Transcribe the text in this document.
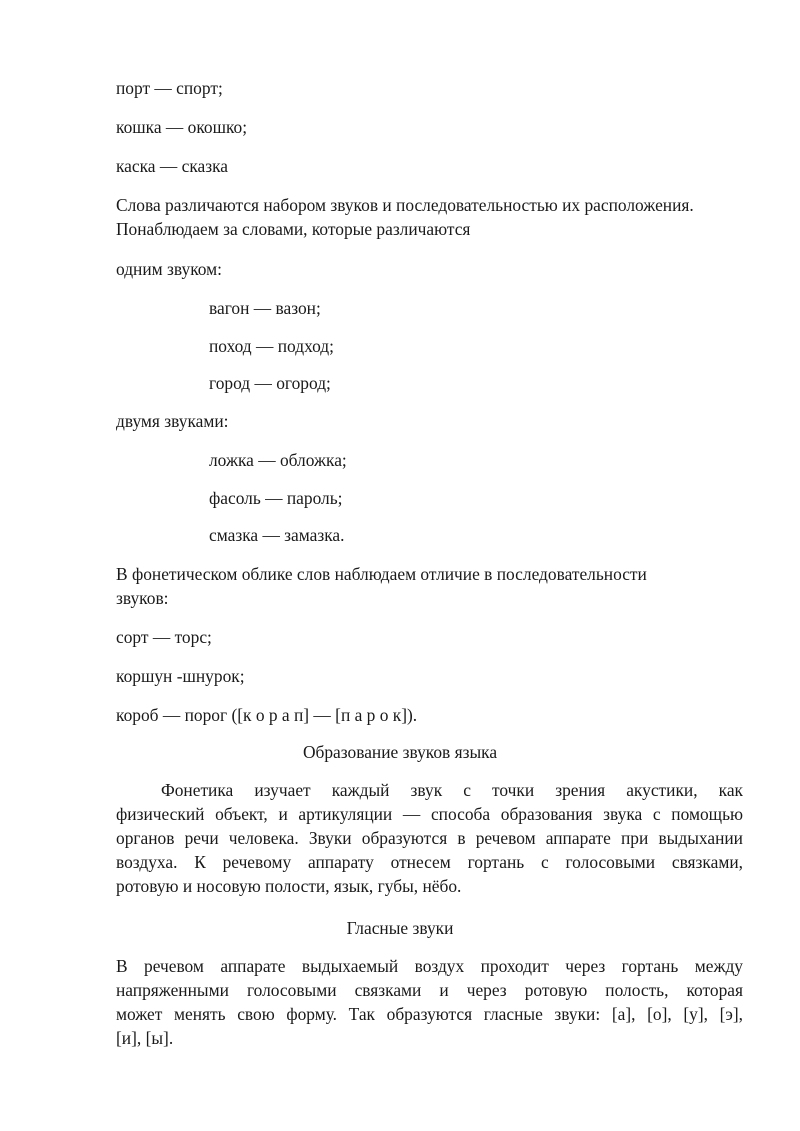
порт — спорт;
кошка — окошко;
каска — сказка
Слова различаются набором звуков и последовательностью их расположения.
Понаблюдаем за словами, которые различаются
одним звуком:
вагон — вазон;
поход — подход;
город — огород;
двумя звуками:
ложка — обложка;
фасоль — пароль;
смазка — замазка.
В фонетическом облике слов наблюдаем отличие в последовательности
звуков:
сорт — торс;
коршун -шнурок;
короб — порог ([к о р а п] — [п а р о к]).
Образование звуков языка
Фонетика изучает каждый звук с точки зрения акустики, как
физический объект, и артикуляции — способа образования звука с помощью
органов речи человека. Звуки образуются в речевом аппарате при выдыхании
воздуха. К речевому аппарату отнесем гортань с голосовыми связками,
ротовую и носовую полости, язык, губы, нёбо.
Гласные звуки
В речевом аппарате выдыхаемый воздух проходит через гортань между
напряженными голосовыми связками и через ротовую полость, которая
может менять свою форму. Так образуются гласные звуки: [а], [о], [у], [э],
[и], [ы].
